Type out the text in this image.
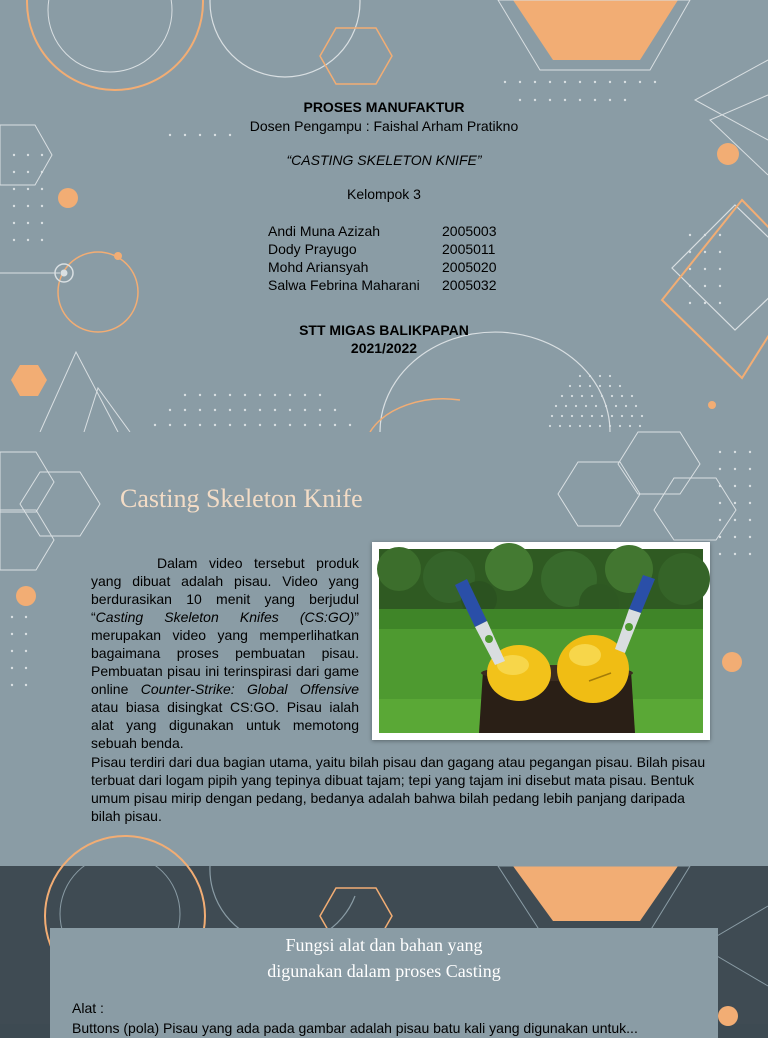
PROSES MANUFAKTUR
Dosen Pengampu : Faishal Arham Pratikno
“CASTING SKELETON KNIFE”
Kelompok 3
Andi Muna Azizah	2005003
Dody Prayugo	2005011
Mohd Ariansyah	2005020
Salwa Febrina Maharani	2005032
STT MIGAS BALIKPAPAN
2021/2022
Casting Skeleton Knife
Dalam video tersebut produk yang dibuat adalah pisau. Video yang berdurasikan 10 menit yang berjudul “Casting Skeleton Knifes (CS:GO)” merupakan video yang memperlihatkan bagaimana proses pembuatan pisau. Pembuatan pisau ini terinspirasi dari game online Counter-Strike: Global Offensive atau biasa disingkat CS:GO. Pisau ialah alat yang digunakan untuk memotong sebuah benda.
Pisau terdiri dari dua bagian utama, yaitu bilah pisau dan gagang atau pegangan pisau. Bilah pisau terbuat dari logam pipih yang tepinya dibuat tajam; tepi yang tajam ini disebut mata pisau. Bentuk umum pisau mirip dengan pedang, bedanya adalah bahwa bilah pedang lebih panjang daripada bilah pisau.
Fungsi alat dan bahan yang
digunakan dalam proses Casting
Alat :
Buttons (pola) Pisau yang ada pada gambar adalah pisau batu kali yang digunakan untuk...
